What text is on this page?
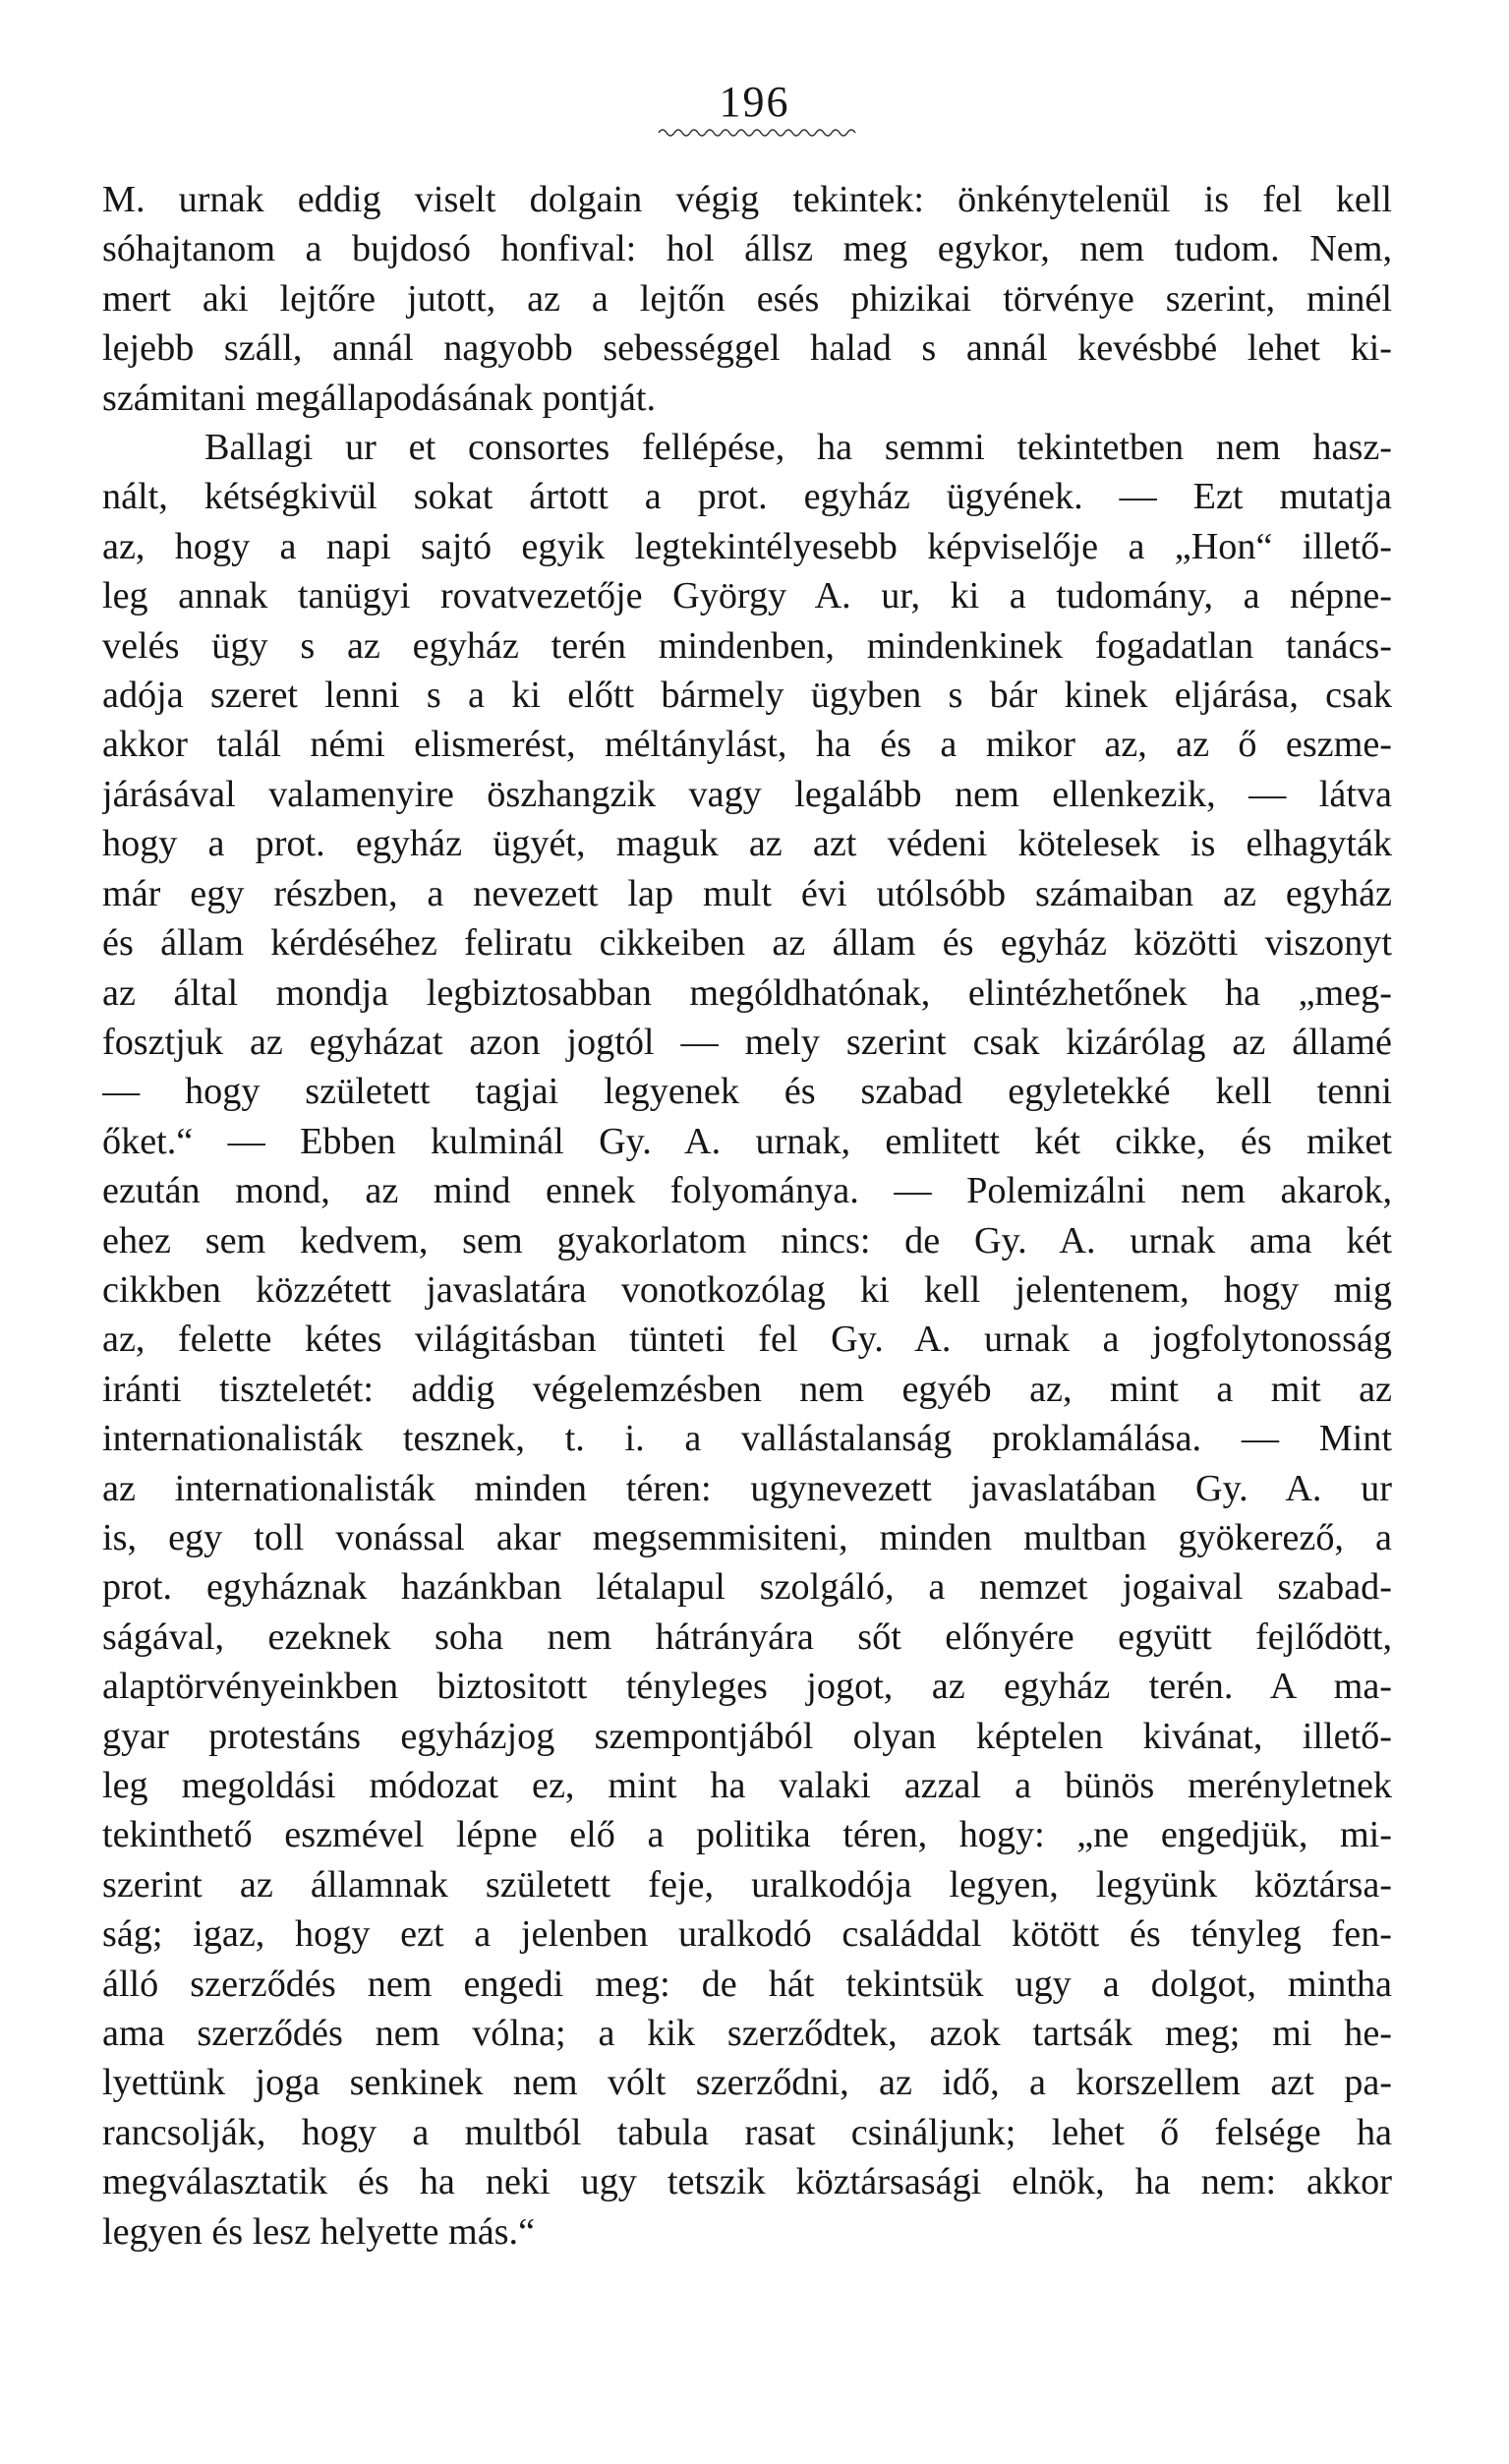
196
M. urnak eddig viselt dolgain végig tekintek: önkénytelenül is fel kell
sóhajtanom a bujdosó honfival: hol állsz meg egykor, nem tudom. Nem,
mert aki lejtőre jutott, az a lejtőn esés phizikai törvénye szerint, minél
lejebb száll, annál nagyobb sebességgel halad s annál kevésbbé lehet ki-
számitani megállapodásának pontját.
Ballagi ur et consortes fellépése, ha semmi tekintetben nem hasz-
nált, kétségkivül sokat ártott a prot. egyház ügyének. — Ezt mutatja
az, hogy a napi sajtó egyik legtekintélyesebb képviselője a „Hon“ illető-
leg annak tanügyi rovatvezetője György A. ur, ki a tudomány, a népne-
velés ügy s az egyház terén mindenben, mindenkinek fogadatlan tanács-
adója szeret lenni s a ki előtt bármely ügyben s bár kinek eljárása, csak
akkor talál némi elismerést, méltánylást, ha és a mikor az, az ő eszme-
járásával valamenyire öszhangzik vagy legalább nem ellenkezik, — látva
hogy a prot. egyház ügyét, maguk az azt védeni kötelesek is elhagyták
már egy részben, a nevezett lap mult évi utólsóbb számaiban az egyház
és állam kérdéséhez feliratu cikkeiben az állam és egyház közötti viszonyt
az által mondja legbiztosabban mególdhatónak, elintézhetőnek ha „meg-
fosztjuk az egyházat azon jogtól — mely szerint csak kizárólag az államé
— hogy született tagjai legyenek és szabad egyletekké kell tenni
őket.“ — Ebben kulminál Gy. A. urnak, emlitett két cikke, és miket
ezután mond, az mind ennek folyománya. — Polemizálni nem akarok,
ehez sem kedvem, sem gyakorlatom nincs: de Gy. A. urnak ama két
cikkben közzétett javaslatára vonotkozólag ki kell jelentenem, hogy mig
az, felette kétes világitásban tünteti fel Gy. A. urnak a jogfolytonosság
iránti tiszteletét: addig végelemzésben nem egyéb az, mint a mit az
internationalisták tesznek, t. i. a vallástalanság proklamálása. — Mint
az internationalisták minden téren: ugynevezett javaslatában Gy. A. ur
is, egy toll vonással akar megsemmisiteni, minden multban gyökerező, a
prot. egyháznak hazánkban létalapul szolgáló, a nemzet jogaival szabad-
ságával, ezeknek soha nem hátrányára sőt előnyére együtt fejlődött,
alaptörvényeinkben biztositott tényleges jogot, az egyház terén. A ma-
gyar protestáns egyházjog szempontjából olyan képtelen kivánat, illető-
leg megoldási módozat ez, mint ha valaki azzal a bünös merényletnek
tekinthető eszmével lépne elő a politika téren, hogy: „ne engedjük, mi-
szerint az államnak született feje, uralkodója legyen, legyünk köztársa-
ság; igaz, hogy ezt a jelenben uralkodó családdal kötött és tényleg fen-
álló szerződés nem engedi meg: de hát tekintsük ugy a dolgot, mintha
ama szerződés nem vólna; a kik szerződtek, azok tartsák meg; mi he-
lyettünk joga senkinek nem vólt szerződni, az idő, a korszellem azt pa-
rancsolják, hogy a multból tabula rasat csináljunk; lehet ő felsége ha
megválasztatik és ha neki ugy tetszik köztársasági elnök, ha nem: akkor
legyen és lesz helyette más.“
